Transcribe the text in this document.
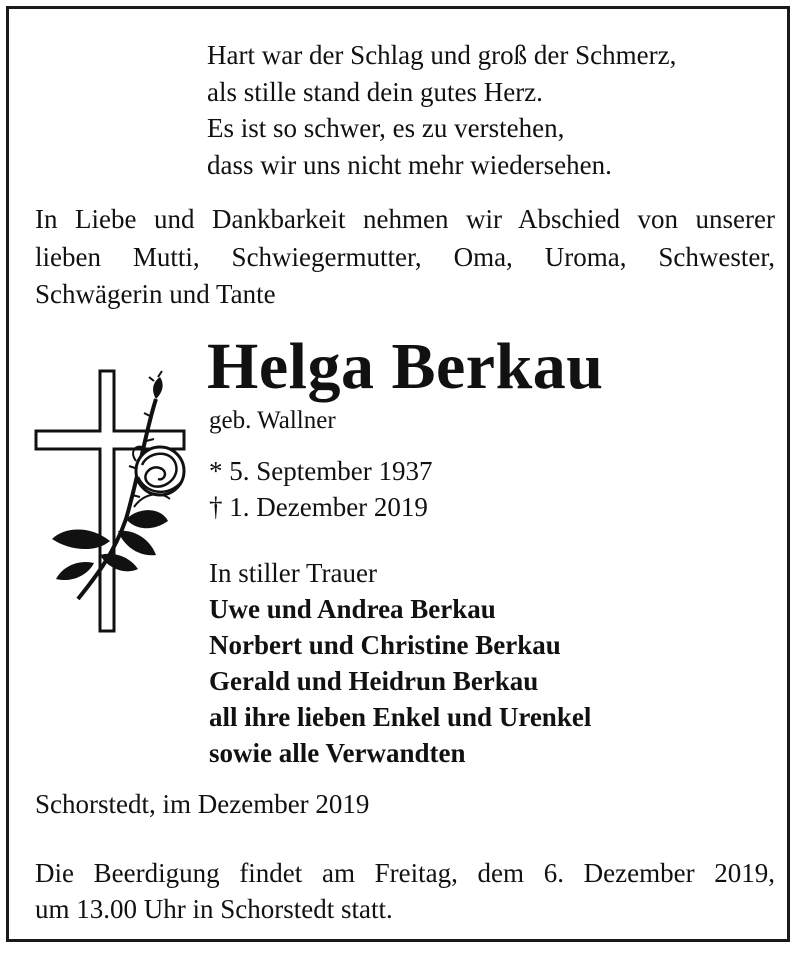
Hart war der Schlag und groß der Schmerz,
als stille stand dein gutes Herz.
Es ist so schwer, es zu verstehen,
dass wir uns nicht mehr wiedersehen.
In Liebe und Dankbarkeit nehmen wir Abschied von unserer
lieben Mutti, Schwiegermutter, Oma, Uroma, Schwester,
Schwägerin und Tante
Helga Berkau
geb. Wallner
* 5. September 1937
† 1. Dezember 2019
In stiller Trauer
Uwe und Andrea Berkau
Norbert und Christine Berkau
Gerald und Heidrun Berkau
all ihre lieben Enkel und Urenkel
sowie alle Verwandten
Schorstedt, im Dezember 2019
Die Beerdigung findet am Freitag, dem 6. Dezember 2019,
um 13.00 Uhr in Schorstedt statt.
